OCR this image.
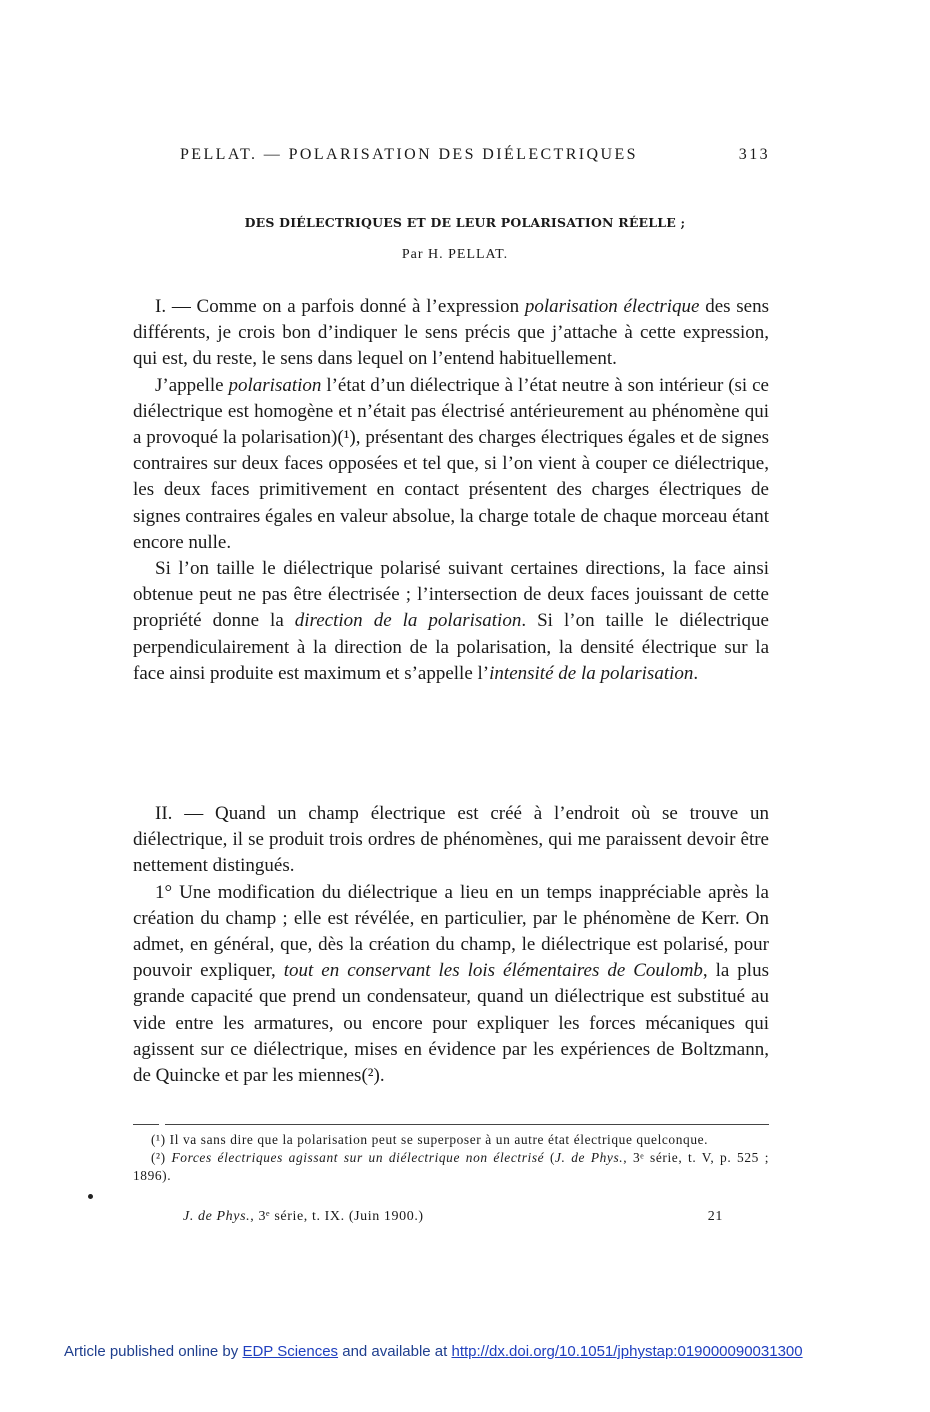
PELLAT. — POLARISATION DES DIÉLECTRIQUES	313
DES DIÉLECTRIQUES ET DE LEUR POLARISATION RÉELLE ;
Par H. PELLAT.

I. — Comme on a parfois donné à l’expression polarisation électrique des sens différents, je crois bon d’indiquer le sens précis que j’attache à cette expression, qui est, du reste, le sens dans lequel on l’entend habituellement.

J’appelle polarisation l’état d’un diélectrique à l’état neutre à son intérieur (si ce diélectrique est homogène et n’était pas électrisé antérieurement au phénomène qui a provoqué la polarisation)(¹), présentant des charges électriques égales et de signes contraires sur deux faces opposées et tel que, si l’on vient à couper ce diélectrique, les deux faces primitivement en contact présentent des charges électriques de signes contraires égales en valeur absolue, la charge totale de chaque morceau étant encore nulle.

Si l’on taille le diélectrique polarisé suivant certaines directions, la face ainsi obtenue peut ne pas être électrisée ; l’intersection de deux faces jouissant de cette propriété donne la direction de la polarisation. Si l’on taille le diélectrique perpendiculairement à la direction de la polarisation, la densité électrique sur la face ainsi produite est maximum et s’appelle l’intensité de la polarisation.

II. — Quand un champ électrique est créé à l’endroit où se trouve un diélectrique, il se produit trois ordres de phénomènes, qui me paraissent devoir être nettement distingués.

1° Une modification du diélectrique a lieu en un temps inappréciable après la création du champ ; elle est révélée, en particulier, par le phénomène de Kerr. On admet, en général, que, dès la création du champ, le diélectrique est polarisé, pour pouvoir expliquer, tout en conservant les lois élémentaires de Coulomb, la plus grande capacité que prend un condensateur, quand un diélectrique est substitué au vide entre les armatures, ou encore pour expliquer les forces mécaniques qui agissent sur ce diélectrique, mises en évidence par les expériences de Boltzmann, de Quincke et par les miennes(²).

(¹) Il va sans dire que la polarisation peut se superposer à un autre état électrique quelconque.

(²) Forces électriques agissant sur un diélectrique non électrisé (J. de Phys., 3ᵉ série, t. V, p. 525 ; 1896).

J. de Phys., 3ᵉ série, t. IX. (Juin 1900.)	21
Article published online by EDP Sciences and available at http://dx.doi.org/10.1051/jphystap:019000090031300
